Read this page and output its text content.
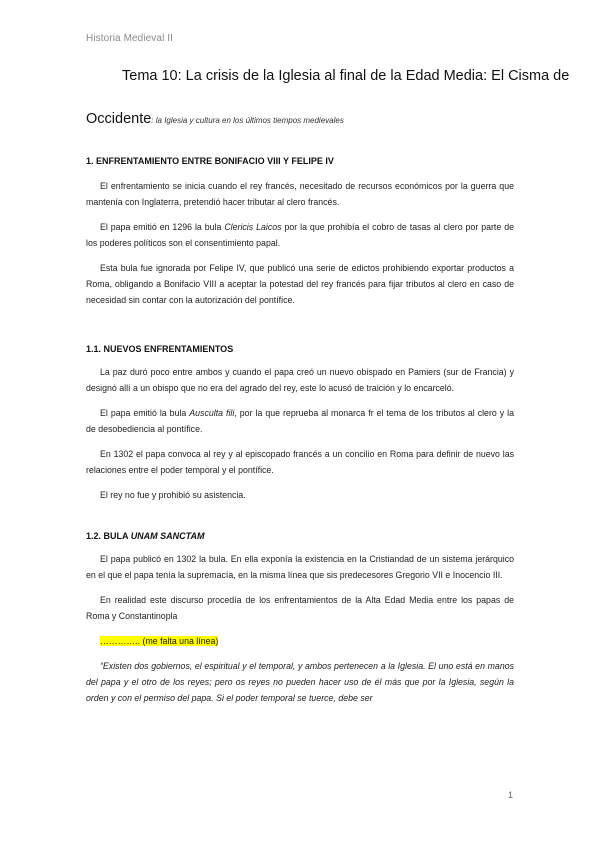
Historia Medieval II
Tema 10: La crisis de la Iglesia al final de la Edad Media: El Cisma de
Occidente: la Iglesia y cultura en los últimos tiempos medievales
1. ENFRENTAMIENTO ENTRE BONIFACIO VIII Y FELIPE IV

El enfrentamiento se inicia cuando el rey francés, necesitado de recursos económicos por la guerra que mantenía con Inglaterra, pretendió hacer tributar al clero francés.

El papa emitió en 1296 la bula Clericis Laicos por la que prohibía el cobro de tasas al clero por parte de los poderes políticos son el consentimiento papal.

Esta bula fue ignorada por Felipe IV, que publicó una serie de edictos prohibiendo exportar productos a Roma, obligando a Bonifacio VIII a aceptar la potestad del rey francés para fijar tributos al clero en caso de necesidad sin contar con la autorización del pontífice.

1.1. NUEVOS ENFRENTAMIENTOS

La paz duró poco entre ambos y cuando el papa creó un nuevo obispado en Pamiers (sur de Francia) y designó allí a un obispo que no era del agrado del rey, este lo acusó de traición y lo encarceló.

El papa emitió la bula Ausculta fili, por la que reprueba al monarca fr el tema de los tributos al clero y la de desobediencia al pontífice.

En 1302 el papa convoca al rey y al episcopado francés a un concilio en Roma para definir de nuevo las relaciones entre el poder temporal y el pontífice.

El rey no fue y prohibió su asistencia.

1.2. BULA UNAM SANCTAM

El papa publicó en 1302 la bula. En ella exponía la existencia en la Cristiandad de un sistema jerárquico en el que el papa tenía la supremacía, en la misma línea que sis predecesores Gregorio VII e Inocencio III.

En realidad este discurso procedía de los enfrentamientos de la Alta Edad Media entre los papas de Roma y Constantinopla

………….. (me falta una línea)

“Existen dos gobiernos, el espiritual y el temporal, y ambos pertenecen a la Iglesia. El uno está en manos del papa y el otro de los reyes; pero os reyes no pueden hacer uso de él más que por la Iglesia, según la orden y con el permiso del papa. Si el poder temporal se tuerce, debe ser

1
